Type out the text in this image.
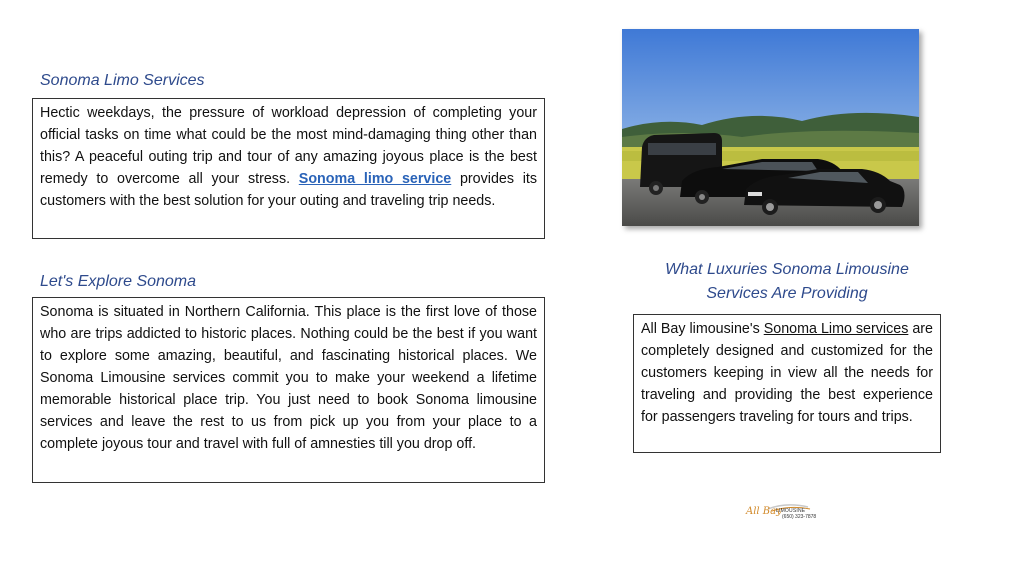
Sonoma Limo Services

Hectic weekdays, the pressure of workload depression of completing your official tasks on time what could be the most mind-damaging thing other than this? A peaceful outing trip and tour of any amazing joyous place is the best remedy to overcome all your stress. Sonoma limo service provides its customers with the best solution for your outing and traveling trip needs.

Let's Explore Sonoma

Sonoma is situated in Northern California. This place is the first love of those who are trips addicted to historic places. Nothing could be the best if you want to explore some amazing, beautiful, and fascinating historical places. We Sonoma Limousine services commit you to make your weekend a lifetime memorable historical place trip. You just need to book Sonoma limousine services and leave the rest to us from pick up you from your place to a complete joyous tour and travel with full of amnesties till you drop off.

What Luxuries Sonoma Limousine
Services Are Providing

All Bay limousine's Sonoma Limo services are completely designed and customized for the customers keeping in view all the needs for traveling and providing the best experience for passengers traveling for tours and trips.

All Bay
LIMOUSINE
(650) 323-7878
